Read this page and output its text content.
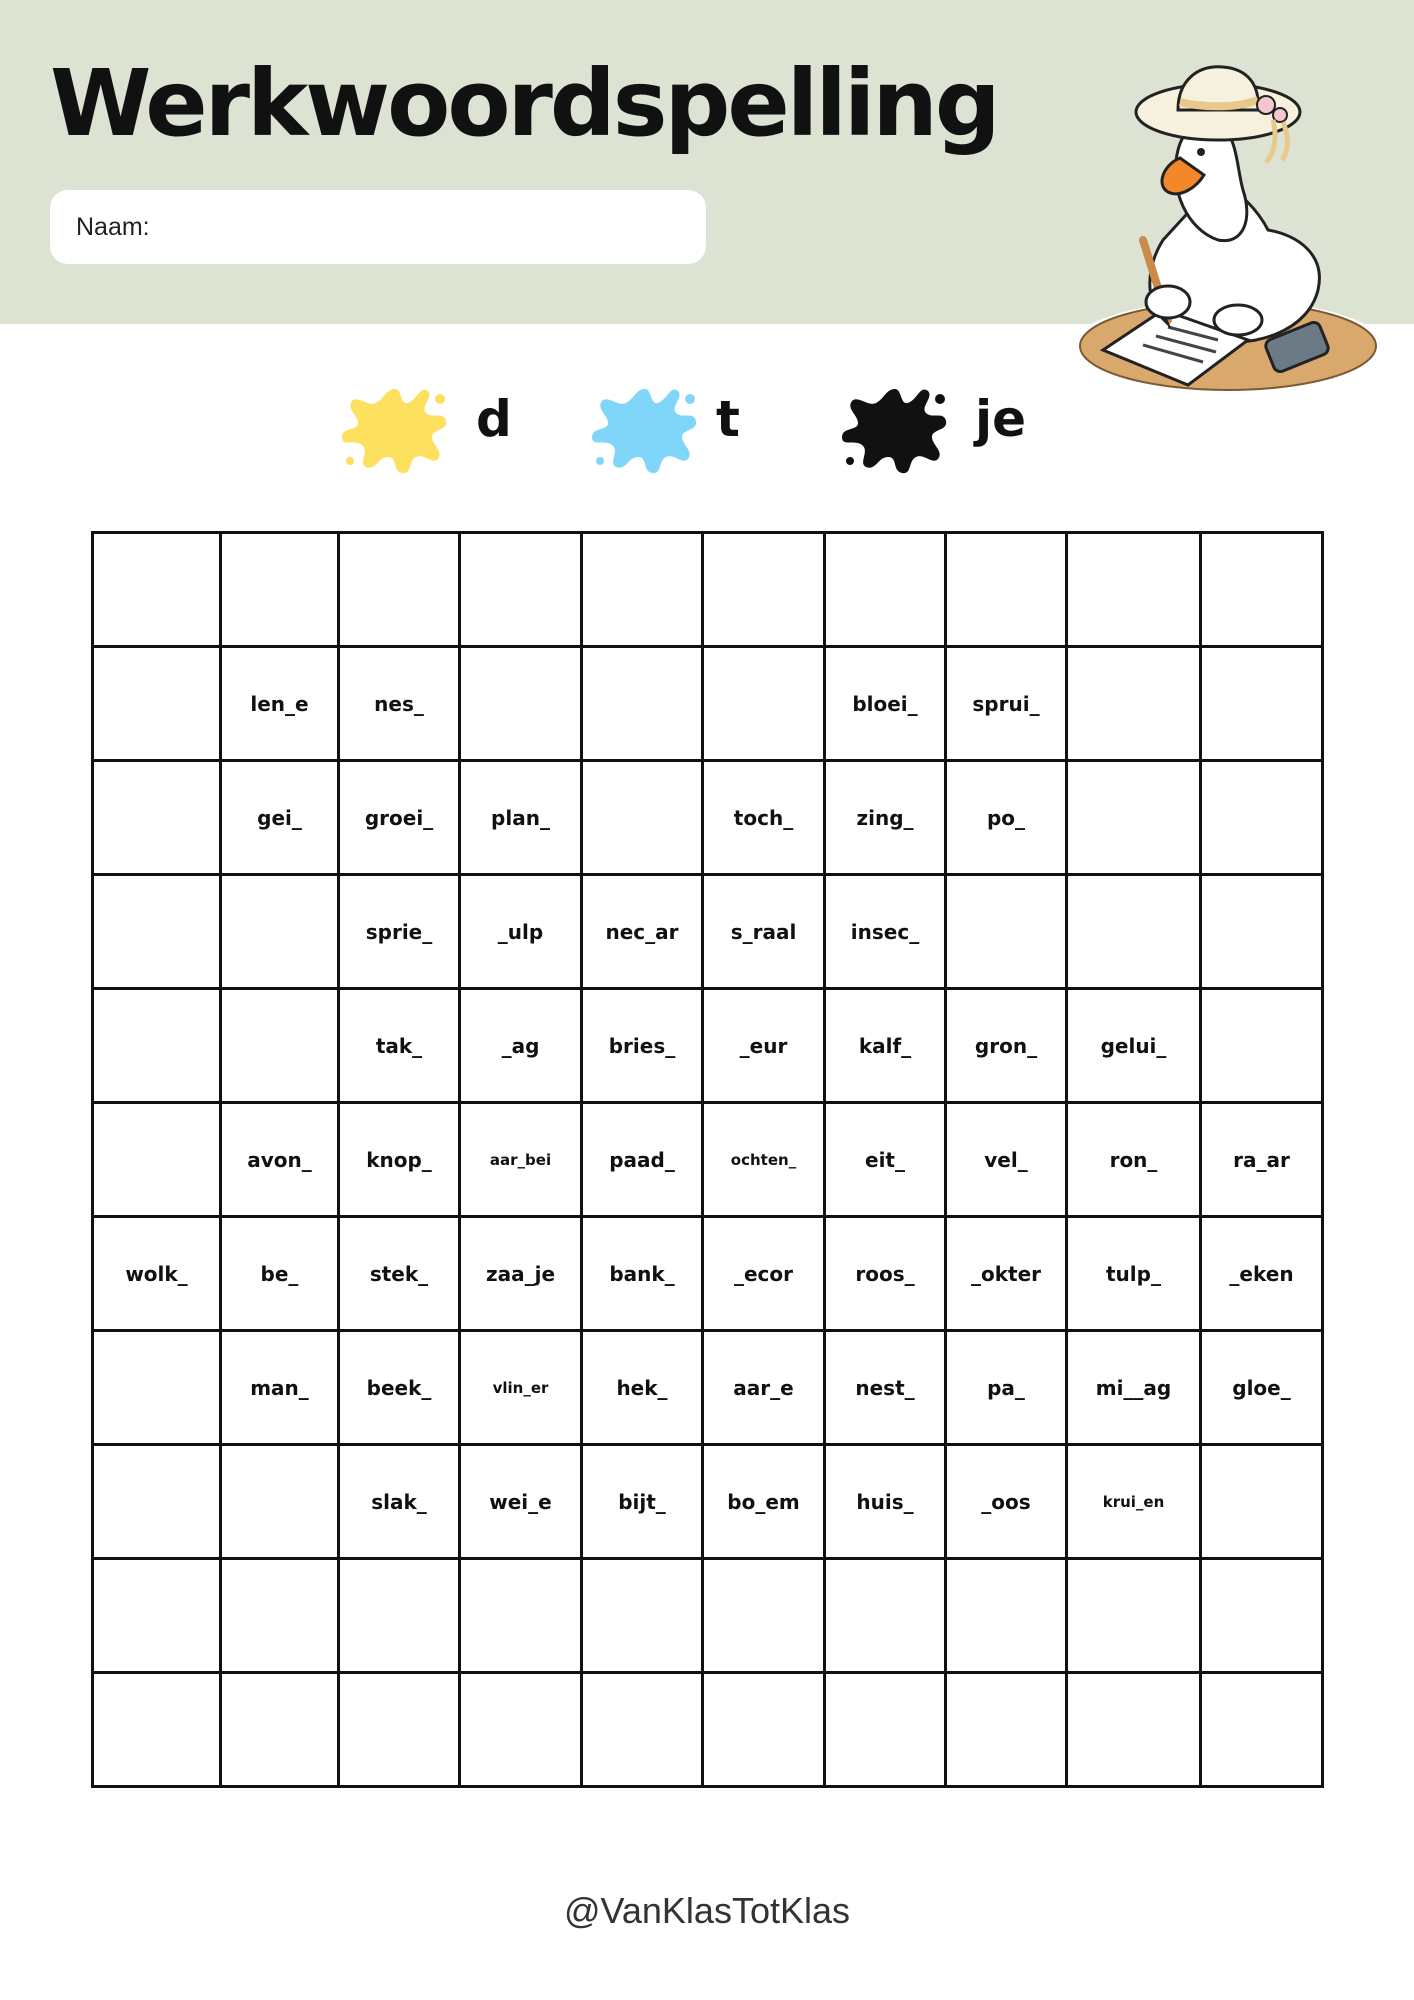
Werkwoordspelling
Naam:
d	t	je

	len_e	nes_				bloei_	sprui_		
	gei_	groei_	plan_		toch_	zing_	po_		
		sprie_	_ulp	nec_ar	s_raal	insec_			
		tak_	_ag	bries_	_eur	kalf_	gron_	gelui_	
	avon_	knop_	aar_bei	paad_	ochten_	eit_	vel_	ron_	ra_ar
wolk_	be_	stek_	zaa_je	bank_	_ecor	roos_	_okter	tulp_	_eken
	man_	beek_	vlin_er	hek_	aar_e	nest_	pa_	mi__ag	gloe_
		slak_	wei_e	bijt_	bo_em	huis_	_oos	krui_en	

@VanKlasTotKlas
